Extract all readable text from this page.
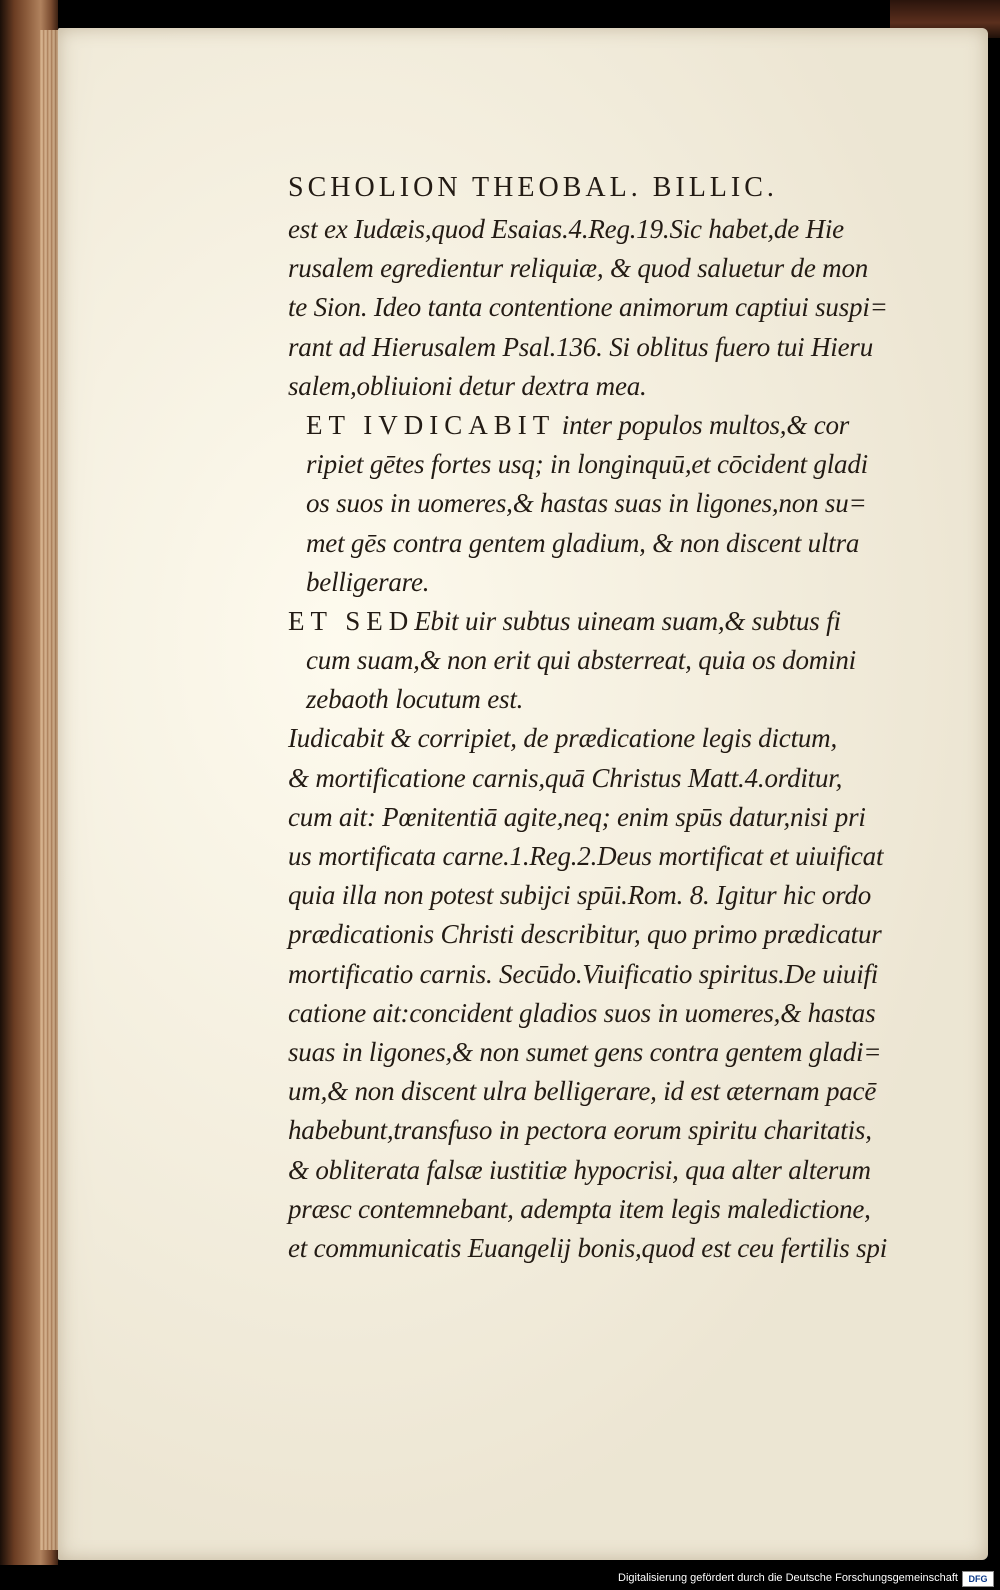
SCHOLION THEOBAL. BILLIC.
est ex Iudæis,quod Esaias.4.Reg.19.Sic habet,de Hie
rusalem egredientur reliquiæ, & quod saluetur de mon
te Sion. Ideo tanta contentione animorum captiui suspi=
rant ad Hierusalem Psal.136. Si oblitus fuero tui Hieru
salem,obliuioni detur dextra mea.
ET IVDICABIT inter populos multos,& cor
ripiet gētes fortes usq; in longinquū,et cōcident gladi
os suos in uomeres,& hastas suas in ligones,non su=
met gēs contra gentem gladium, & non discent ultra
belligerare.
ET SEDEbit uir subtus uineam suam,& subtus fi
cum suam,& non erit qui absterreat, quia os domini
zebaoth locutum est.
Iudicabit & corripiet, de prædicatione legis dictum,
& mortificatione carnis,quā Christus Matt.4.orditur,
cum ait: Pœnitentiā agite,neq; enim spūs datur,nisi pri
us mortificata carne.1.Reg.2.Deus mortificat et uiuificat
quia illa non potest subijci spūi.Rom. 8. Igitur hic ordo
prædicationis Christi describitur, quo primo prædicatur
mortificatio carnis. Secūdo.Viuificatio spiritus.De uiuifi
catione ait:concident gladios suos in uomeres,& hastas
suas in ligones,& non sumet gens contra gentem gladi=
um,& non discent ulra belligerare, id est æternam pacē
habebunt,transfuso in pectora eorum spiritu charitatis,
& obliterata falsæ iustitiæ hypocrisi, qua alter alterum
præsc contemnebant, adempta item legis maledictione,
et communicatis Euangelij bonis,quod est ceu fertilis spi
Digitalisierung gefördert durch die Deutsche Forschungsgemeinschaft	DFG
